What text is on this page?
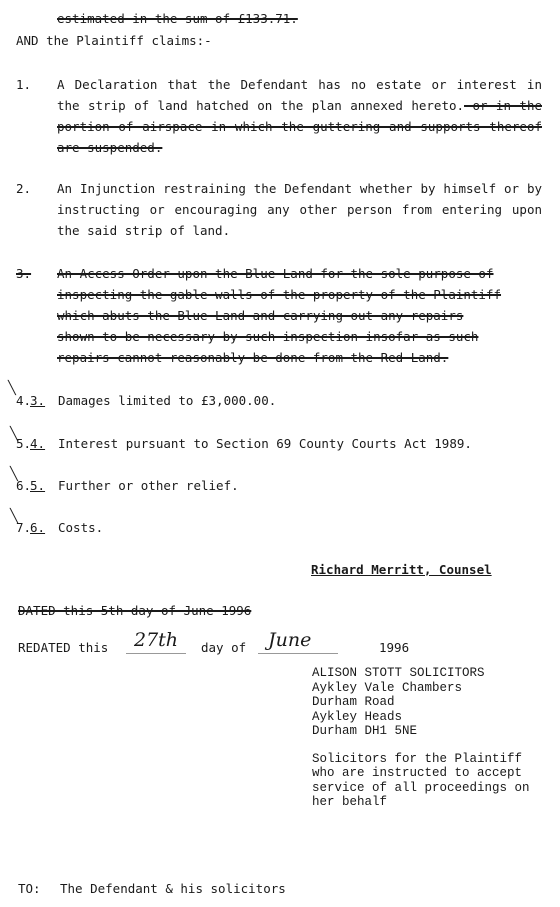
estimated in the sum of £133.71.
AND the Plaintiff claims:-
1. A Declaration that the Defendant has no estate or interest in the strip of land hatched on the plan annexed hereto. or in the portion of airspace in which the guttering and supports thereof are suspended.
2. An Injunction restraining the Defendant whether by himself or by instructing or encouraging any other person from entering upon the said strip of land.
3. An Access Order upon the Blue Land for the sole purpose of
inspecting the gable walls of the property of the Plaintiff
which abuts the Blue Land and carrying out any repairs
shown to be necessary by such inspection insofar as such
repairs cannot reasonably be done from the Red Land.
4.
3. Damages limited to £3,000.00.
╲
5.
4. Interest pursuant to Section 69 County Courts Act 1989.
╲
6.
5. Further or other relief.
╲
7.
6. Costs.
╲
Richard Merritt, Counsel
DATED this 5th day of June 1996
REDATED this 27th day of June	1996
ALISON STOTT SOLICITORS
Aykley Vale Chambers
Durham Road
Aykley Heads
Durham DH1 5NE
Solicitors for the Plaintiff
who are instructed to accept
service of all proceedings on
her behalf
TO: The Defendant & his solicitors
